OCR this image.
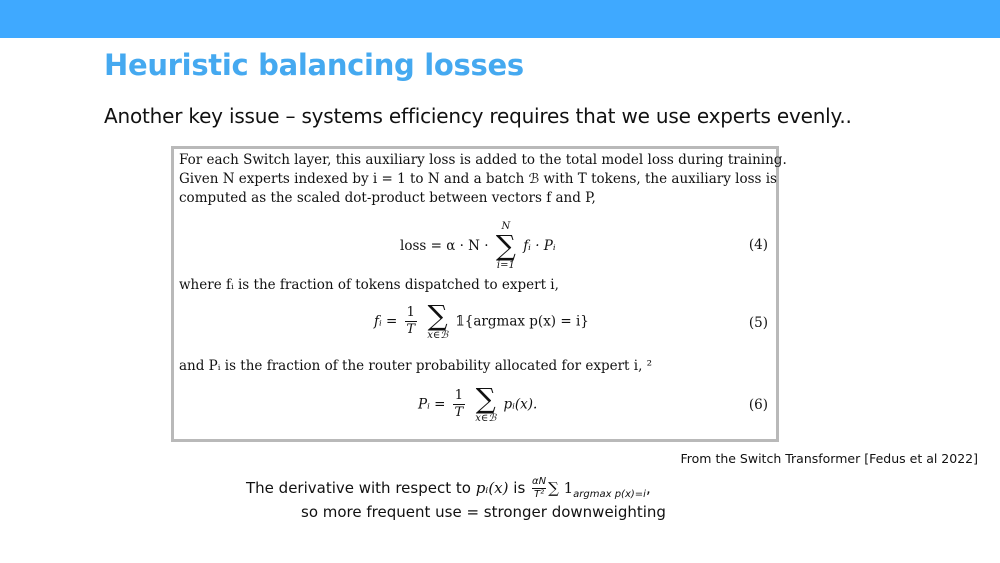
Heuristic balancing losses
Another key issue – systems efficiency requires that we use experts evenly..
For each Switch layer, this auxiliary loss is added to the total model loss during training.
Given N experts indexed by i = 1 to N and a batch ℬ with T tokens, the auxiliary loss is
computed as the scaled dot-product between vectors f and P,
loss = α · N ·
N
∑
i=1
fᵢ · Pᵢ	(4)
where fᵢ is the fraction of tokens dispatched to expert i,
fᵢ = $\frac{1}{T}$
∑
x∈ℬ
𝟙{argmax p(x) = i}	(5)
and Pᵢ is the fraction of the router probability allocated for expert i, ²
Pᵢ = $\frac{1}{T}$
∑
x∈ℬ
pᵢ(x).	(6)
From the Switch Transformer [Fedus et al 2022]
The derivative with respect to pᵢ(x) is $\frac{\alpha N}{\text{T²}}$ ∑ $1_{argmax p(x)=i}$,
so more frequent use = stronger downweighting
